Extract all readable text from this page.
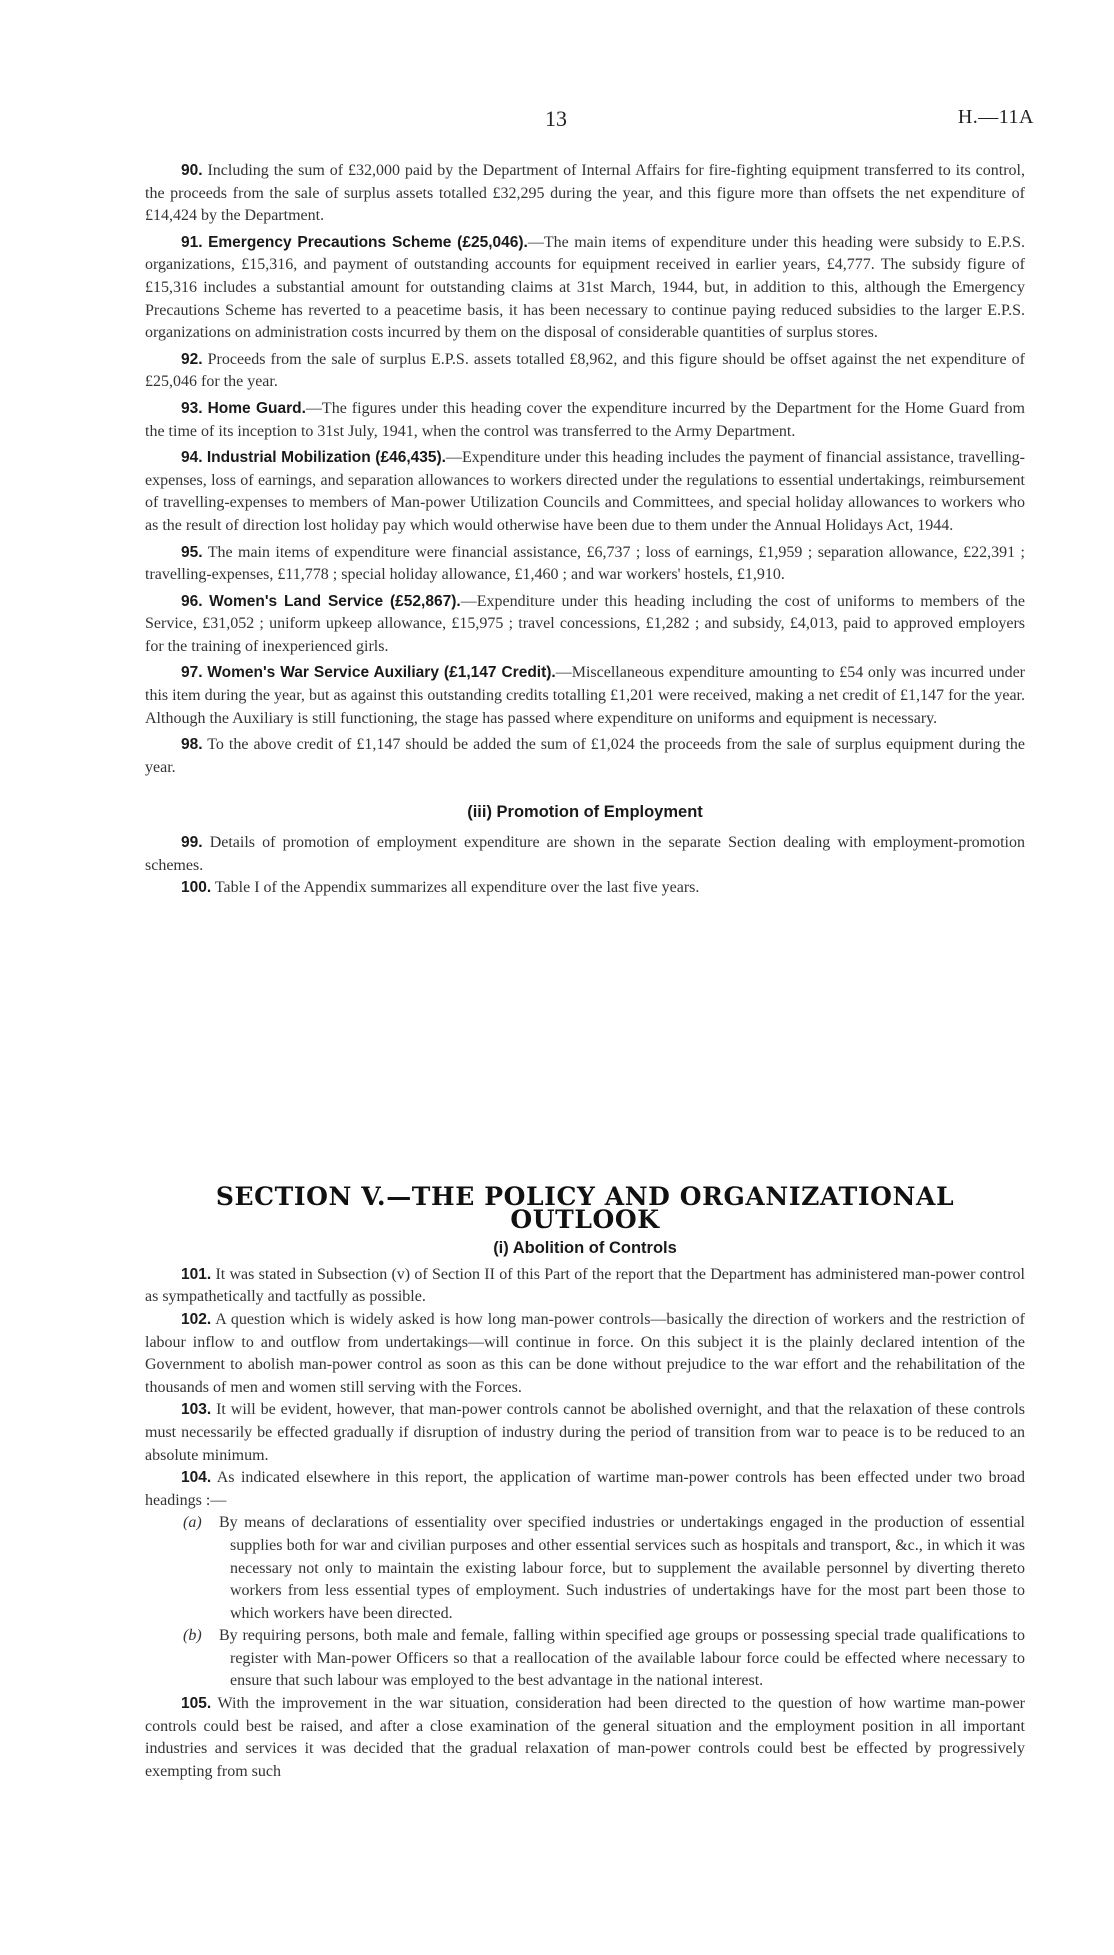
13	H.—11A

90. Including the sum of £32,000 paid by the Department of Internal Affairs for fire-fighting equipment transferred to its control, the proceeds from the sale of surplus assets totalled £32,295 during the year, and this figure more than offsets the net expenditure of £14,424 by the Department.

91. Emergency Precautions Scheme (£25,046).—The main items of expenditure under this heading were subsidy to E.P.S. organizations, £15,316, and payment of outstanding accounts for equipment received in earlier years, £4,777. The subsidy figure of £15,316 includes a substantial amount for outstanding claims at 31st March, 1944, but, in addition to this, although the Emergency Precautions Scheme has reverted to a peacetime basis, it has been necessary to continue paying reduced subsidies to the larger E.P.S. organizations on administration costs incurred by them on the disposal of considerable quantities of surplus stores.

92. Proceeds from the sale of surplus E.P.S. assets totalled £8,962, and this figure should be offset against the net expenditure of £25,046 for the year.

93. Home Guard.—The figures under this heading cover the expenditure incurred by the Department for the Home Guard from the time of its inception to 31st July, 1941, when the control was transferred to the Army Department.

94. Industrial Mobilization (£46,435).—Expenditure under this heading includes the payment of financial assistance, travelling-expenses, loss of earnings, and separation allowances to workers directed under the regulations to essential undertakings, reimbursement of travelling-expenses to members of Man-power Utilization Councils and Committees, and special holiday allowances to workers who as the result of direction lost holiday pay which would otherwise have been due to them under the Annual Holidays Act, 1944.

95. The main items of expenditure were financial assistance, £6,737 ; loss of earnings, £1,959 ; separation allowance, £22,391 ; travelling-expenses, £11,778 ; special holiday allowance, £1,460 ; and war workers' hostels, £1,910.

96. Women's Land Service (£52,867).—Expenditure under this heading including the cost of uniforms to members of the Service, £31,052 ; uniform upkeep allowance, £15,975 ; travel concessions, £1,282 ; and subsidy, £4,013, paid to approved employers for the training of inexperienced girls.

97. Women's War Service Auxiliary (£1,147 Credit).—Miscellaneous expenditure amounting to £54 only was incurred under this item during the year, but as against this outstanding credits totalling £1,201 were received, making a net credit of £1,147 for the year. Although the Auxiliary is still functioning, the stage has passed where expenditure on uniforms and equipment is necessary.

98. To the above credit of £1,147 should be added the sum of £1,024 the proceeds from the sale of surplus equipment during the year.

(iii) Promotion of Employment

99. Details of promotion of employment expenditure are shown in the separate Section dealing with employment-promotion schemes.

100. Table I of the Appendix summarizes all expenditure over the last five years.

SECTION V.—THE POLICY AND ORGANIZATIONAL OUTLOOK
(i) Abolition of Controls

101. It was stated in Subsection (v) of Section II of this Part of the report that the Department has administered man-power control as sympathetically and tactfully as possible.

102. A question which is widely asked is how long man-power controls—basically the direction of workers and the restriction of labour inflow to and outflow from undertakings—will continue in force. On this subject it is the plainly declared intention of the Government to abolish man-power control as soon as this can be done without prejudice to the war effort and the rehabilitation of the thousands of men and women still serving with the Forces.

103. It will be evident, however, that man-power controls cannot be abolished overnight, and that the relaxation of these controls must necessarily be effected gradually if disruption of industry during the period of transition from war to peace is to be reduced to an absolute minimum.

104. As indicated elsewhere in this report, the application of wartime man-power controls has been effected under two broad headings :—

(a) By means of declarations of essentiality over specified industries or undertakings engaged in the production of essential supplies both for war and civilian purposes and other essential services such as hospitals and transport, &c., in which it was necessary not only to maintain the existing labour force, but to supplement the available personnel by diverting thereto workers from less essential types of employment. Such industries of undertakings have for the most part been those to which workers have been directed.

(b) By requiring persons, both male and female, falling within specified age groups or possessing special trade qualifications to register with Man-power Officers so that a reallocation of the available labour force could be effected where necessary to ensure that such labour was employed to the best advantage in the national interest.

105. With the improvement in the war situation, consideration had been directed to the question of how wartime man-power controls could best be raised, and after a close examination of the general situation and the employment position in all important industries and services it was decided that the gradual relaxation of man-power controls could best be effected by progressively exempting from such
